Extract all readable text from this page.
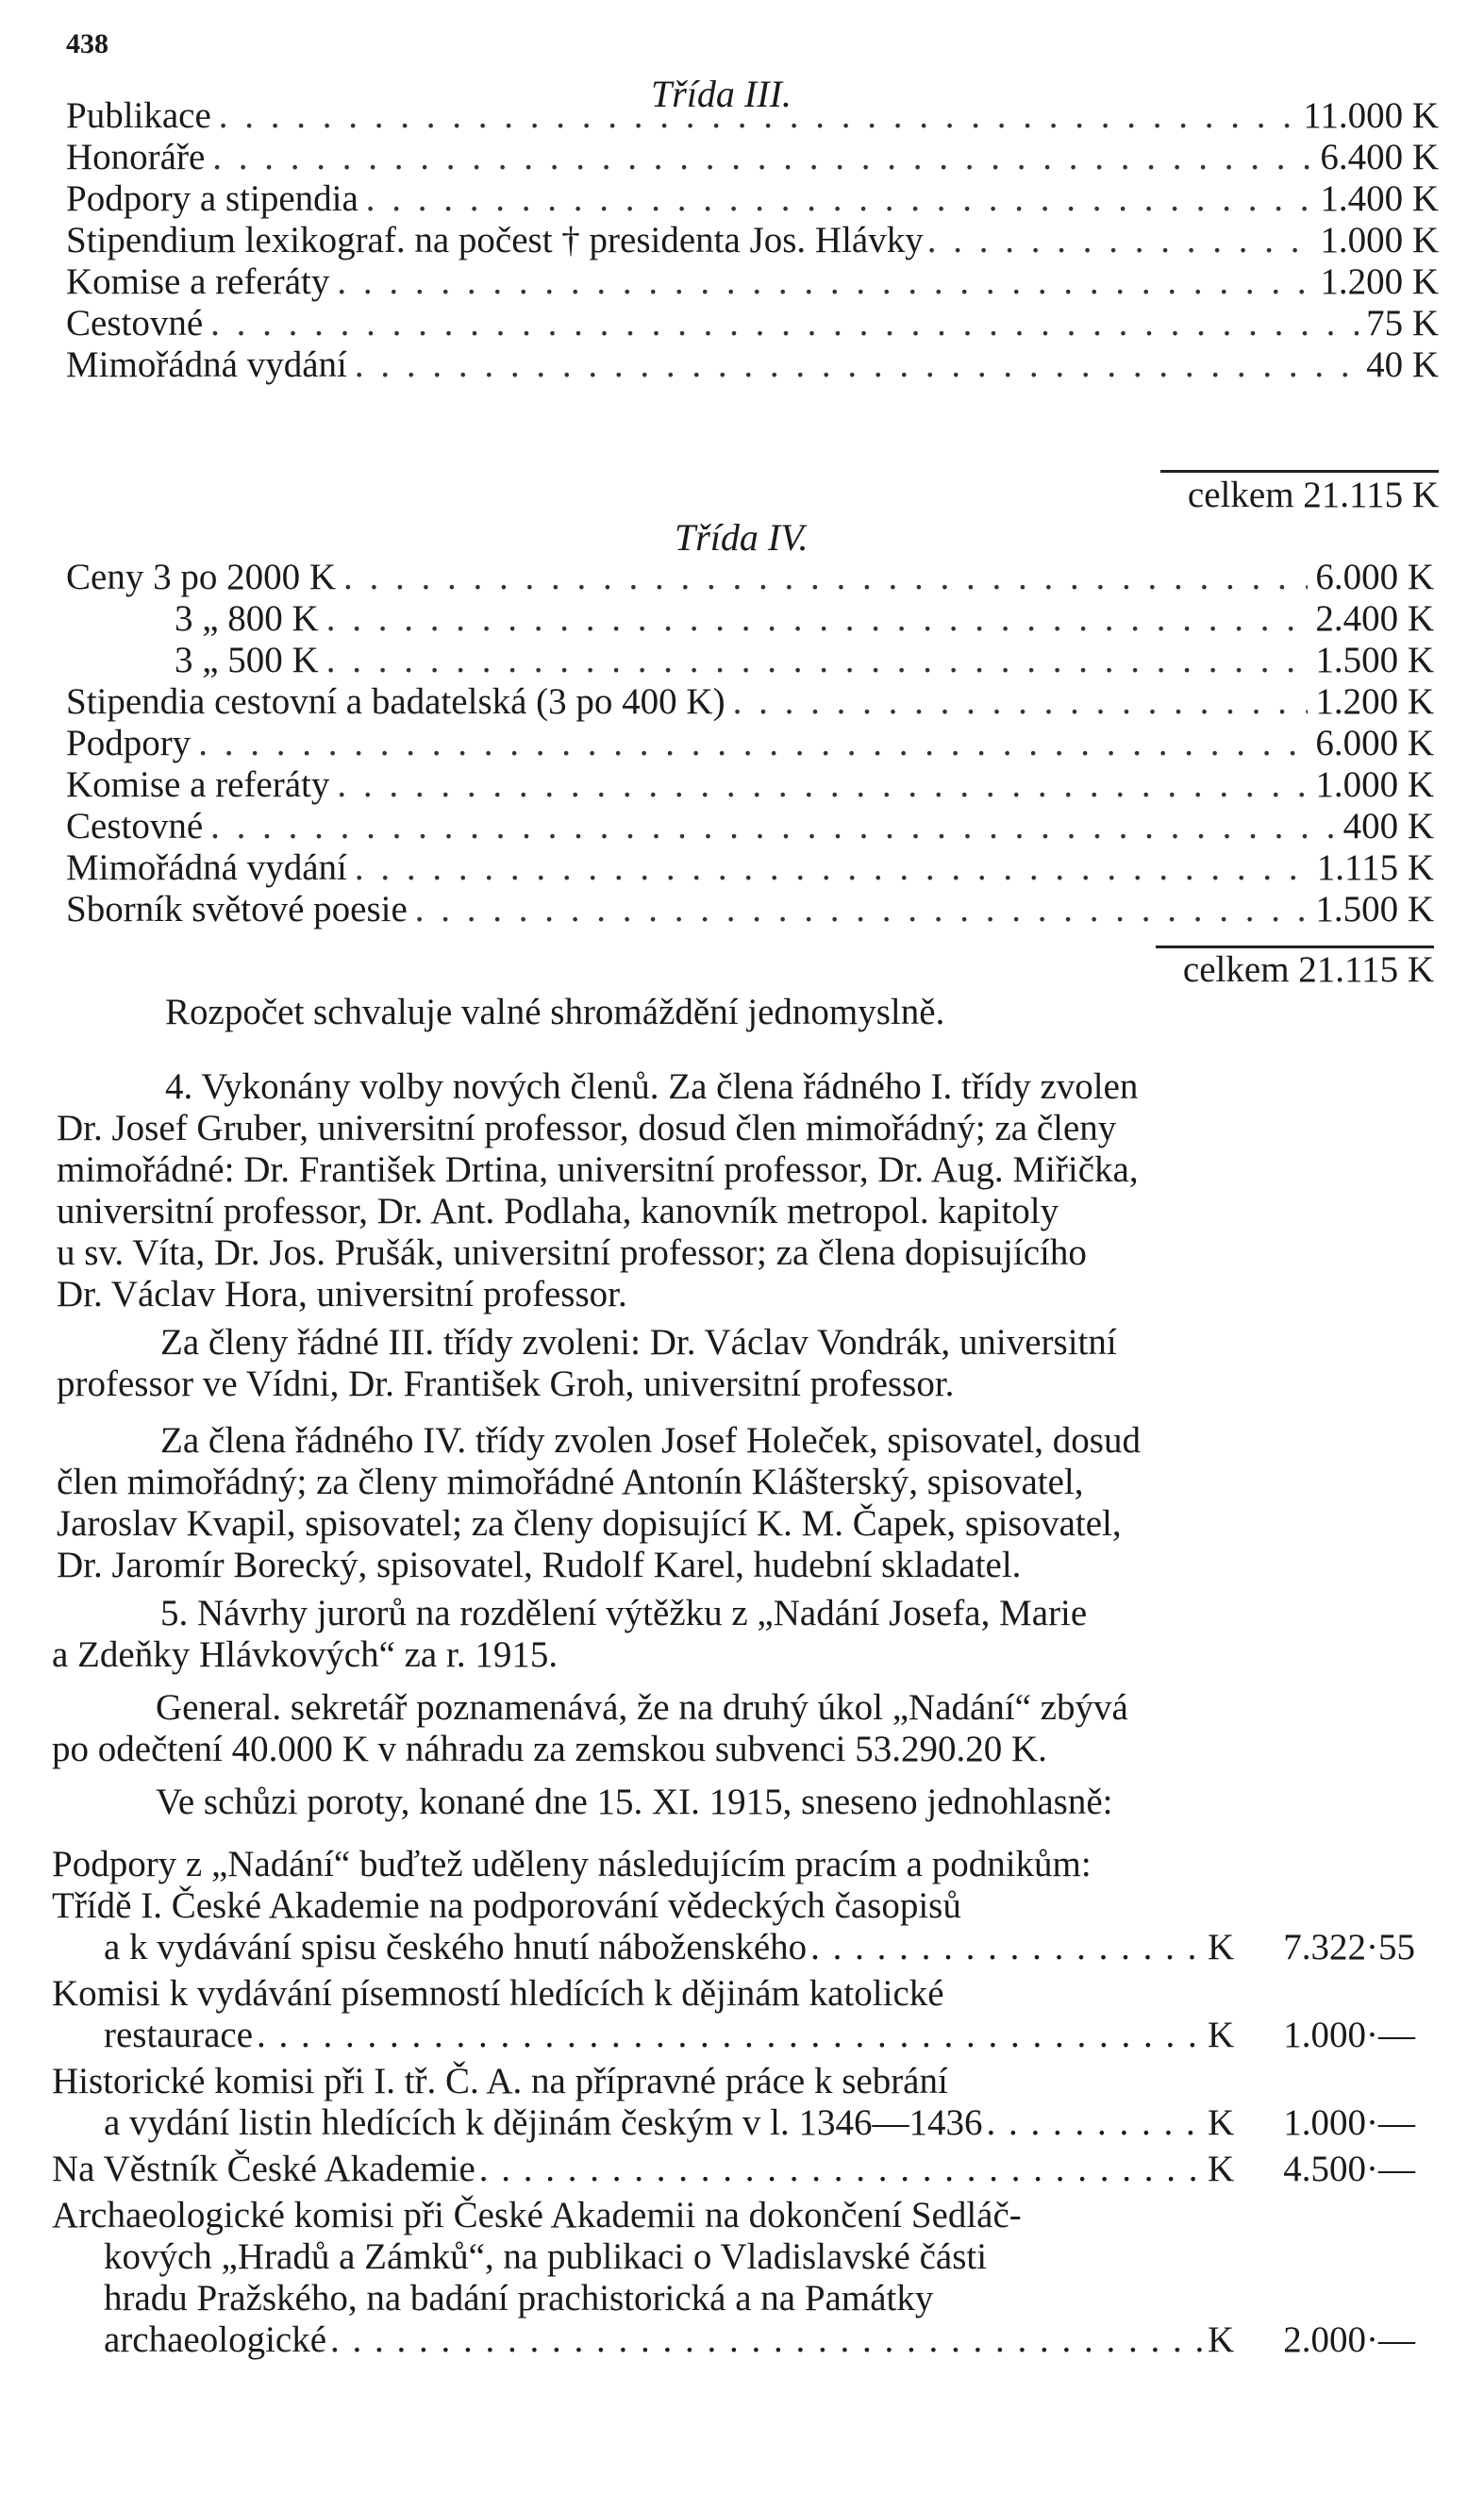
438
Třída III.
Publikace . . .	11.000 K
Honoráře . . .	6.400 K
Podpory a stipendia . . .	1.400 K
Stipendium lexikograf. na počest † presidenta Jos. Hlávky . . .	1.000 K
Komise a referáty . . .	1.200 K
Cestovné . . .	75 K
Mimořádná vydání . . .	40 K
celkem 21.115 K
Třída IV.
Ceny 3 po 2000 K . . .	6.000 K
3 „ 800 K . . .	2.400 K
3 „ 500 K . . .	1.500 K
Stipendia cestovní a badatelská (3 po 400 K) . . .	1.200 K
Podpory . . .	6.000 K
Komise a referáty . . .	1.000 K
Cestovné . . .	400 K
Mimořádná vydání . . .	1.115 K
Sborník světové poesie . . .	1.500 K
celkem 21.115 K
Rozpočet schvaluje valné shromáždění jednomyslně.
4. Vykonány volby nových členů. Za člena řádného I. třídy zvolen
Dr. Josef Gruber, universitní professor, dosud člen mimořádný; za členy
mimořádné: Dr. František Drtina, universitní professor, Dr. Aug. Miřička,
universitní professor, Dr. Ant. Podlaha, kanovník metropol. kapitoly
u sv. Víta, Dr. Jos. Prušák, universitní professor; za člena dopisujícího
Dr. Václav Hora, universitní professor.
Za členy řádné III. třídy zvoleni: Dr. Václav Vondrák, universitní
professor ve Vídni, Dr. František Groh, universitní professor.
Za člena řádného IV. třídy zvolen Josef Holeček, spisovatel, dosud
člen mimořádný; za členy mimořádné Antonín Klášterský, spisovatel,
Jaroslav Kvapil, spisovatel; za členy dopisující K. M. Čapek, spisovatel,
Dr. Jaromír Borecký, spisovatel, Rudolf Karel, hudební skladatel.
5. Návrhy jurorů na rozdělení výtěžku z „Nadání Josefa, Marie
a Zdeňky Hlávkových“ za r. 1915.
General. sekretář poznamenává, že na druhý úkol „Nadání“ zbývá
po odečtení 40.000 K v náhradu za zemskou subvenci 53.290.20 K.
Ve schůzi poroty, konané dne 15. XI. 1915, sneseno jednohlasně:
Podpory z „Nadání“ buďtež uděleny následujícím pracím a podnikům:
Třídě I. České Akademie na podporování vědeckých časopisů
a k vydávání spisu českého hnutí náboženského . . .	K	7.322·55
Komisi k vydávání písemností hledících k dějinám katolické
restaurace . . .	K	1.000·—
Historické komisi při I. tř. Č. A. na přípravné práce k sebrání
a vydání listin hledících k dějinám českým v l. 1346—1436 . . .	K	1.000·—
Na Věstník České Akademie . . .	K	4.500·—
Archaeologické komisi při České Akademii na dokončení Sedláč-
kových „Hradů a Zámků“, na publikaci o Vladislavské části
hradu Pražského, na badání prachistorická a na Památky
archaeologické . . .	K	2.000·—
